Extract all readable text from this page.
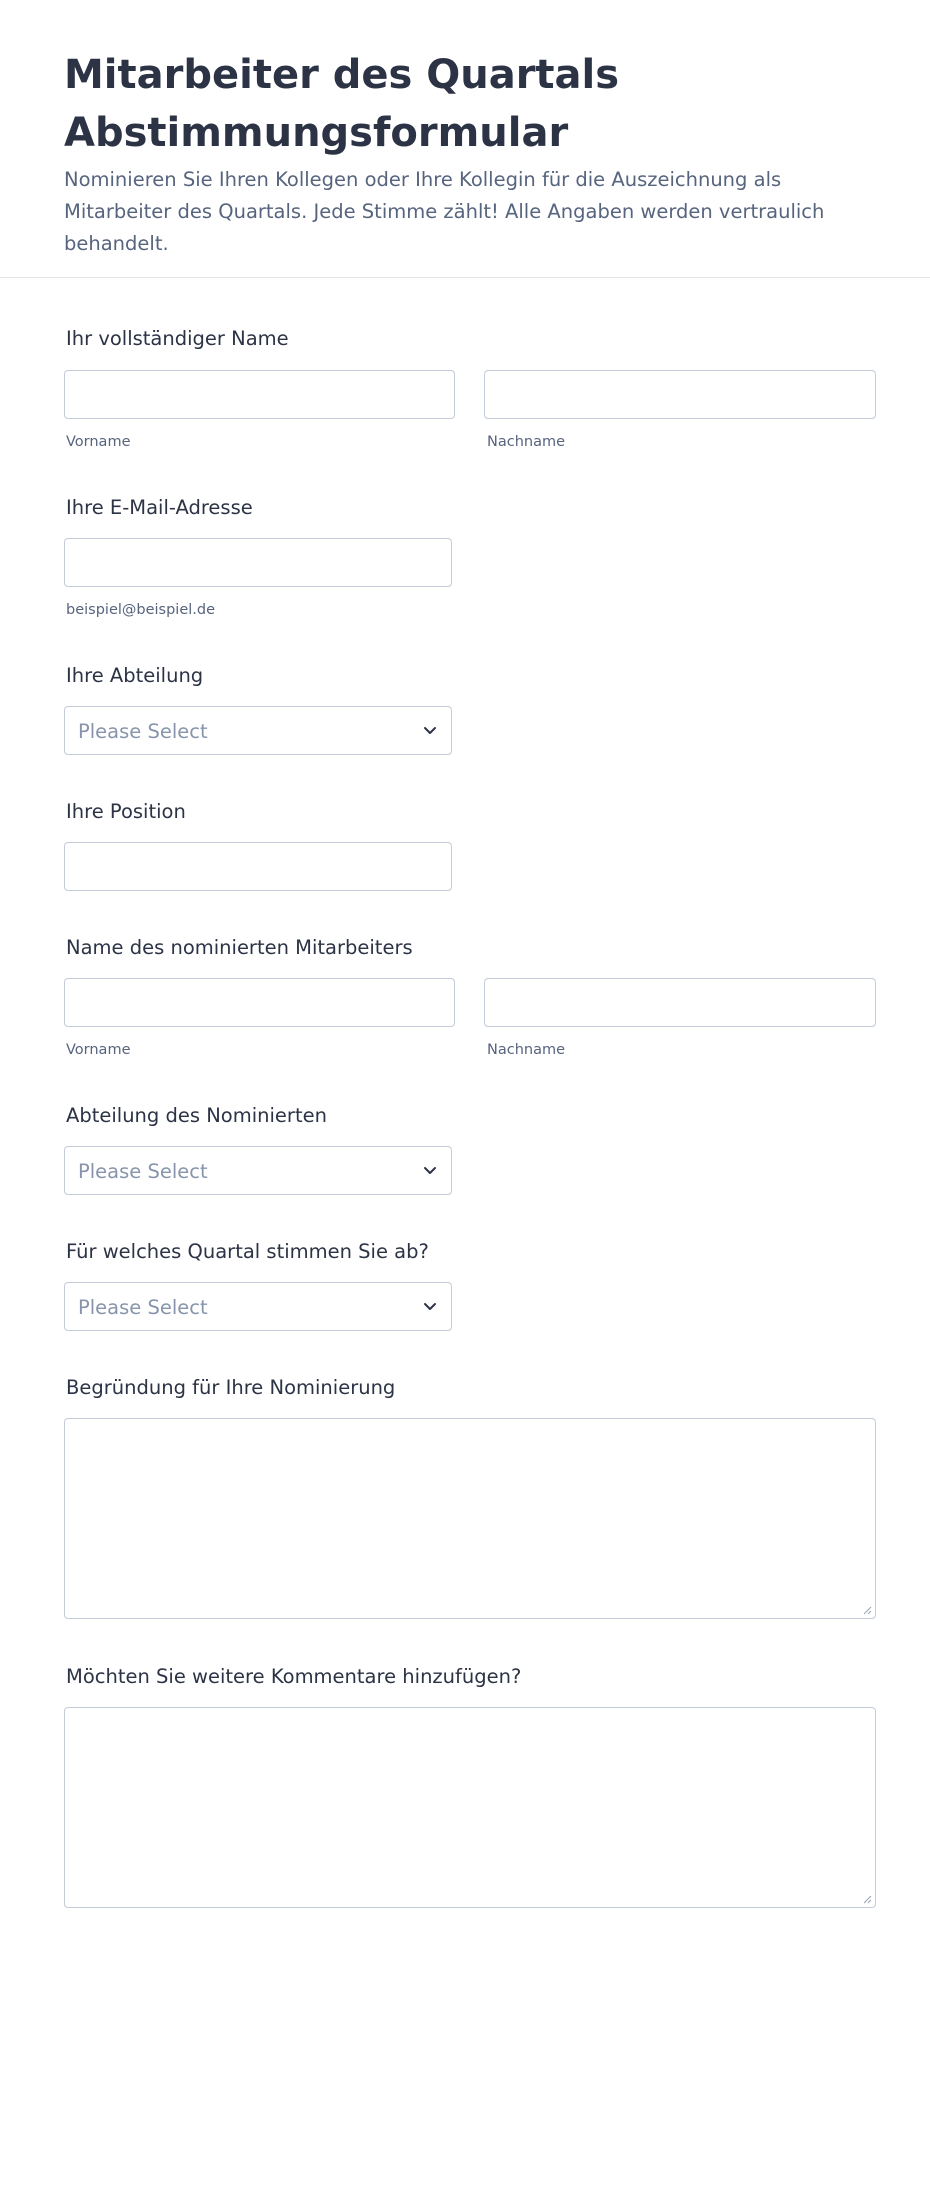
Mitarbeiter des Quartals Abstimmungsformular

Nominieren Sie Ihren Kollegen oder Ihre Kollegin für die Auszeichnung als Mitarbeiter des Quartals. Jede Stimme zählt! Alle Angaben werden vertraulich behandelt.

Ihr vollständiger Name
Vorname	Nachname
Ihre E-Mail-Adresse
beispiel@beispiel.de
Ihre Abteilung
Please Select
Ihre Position
Name des nominierten Mitarbeiters
Vorname	Nachname
Abteilung des Nominierten
Please Select
Für welches Quartal stimmen Sie ab?
Please Select
Begründung für Ihre Nominierung
Möchten Sie weitere Kommentare hinzufügen?
